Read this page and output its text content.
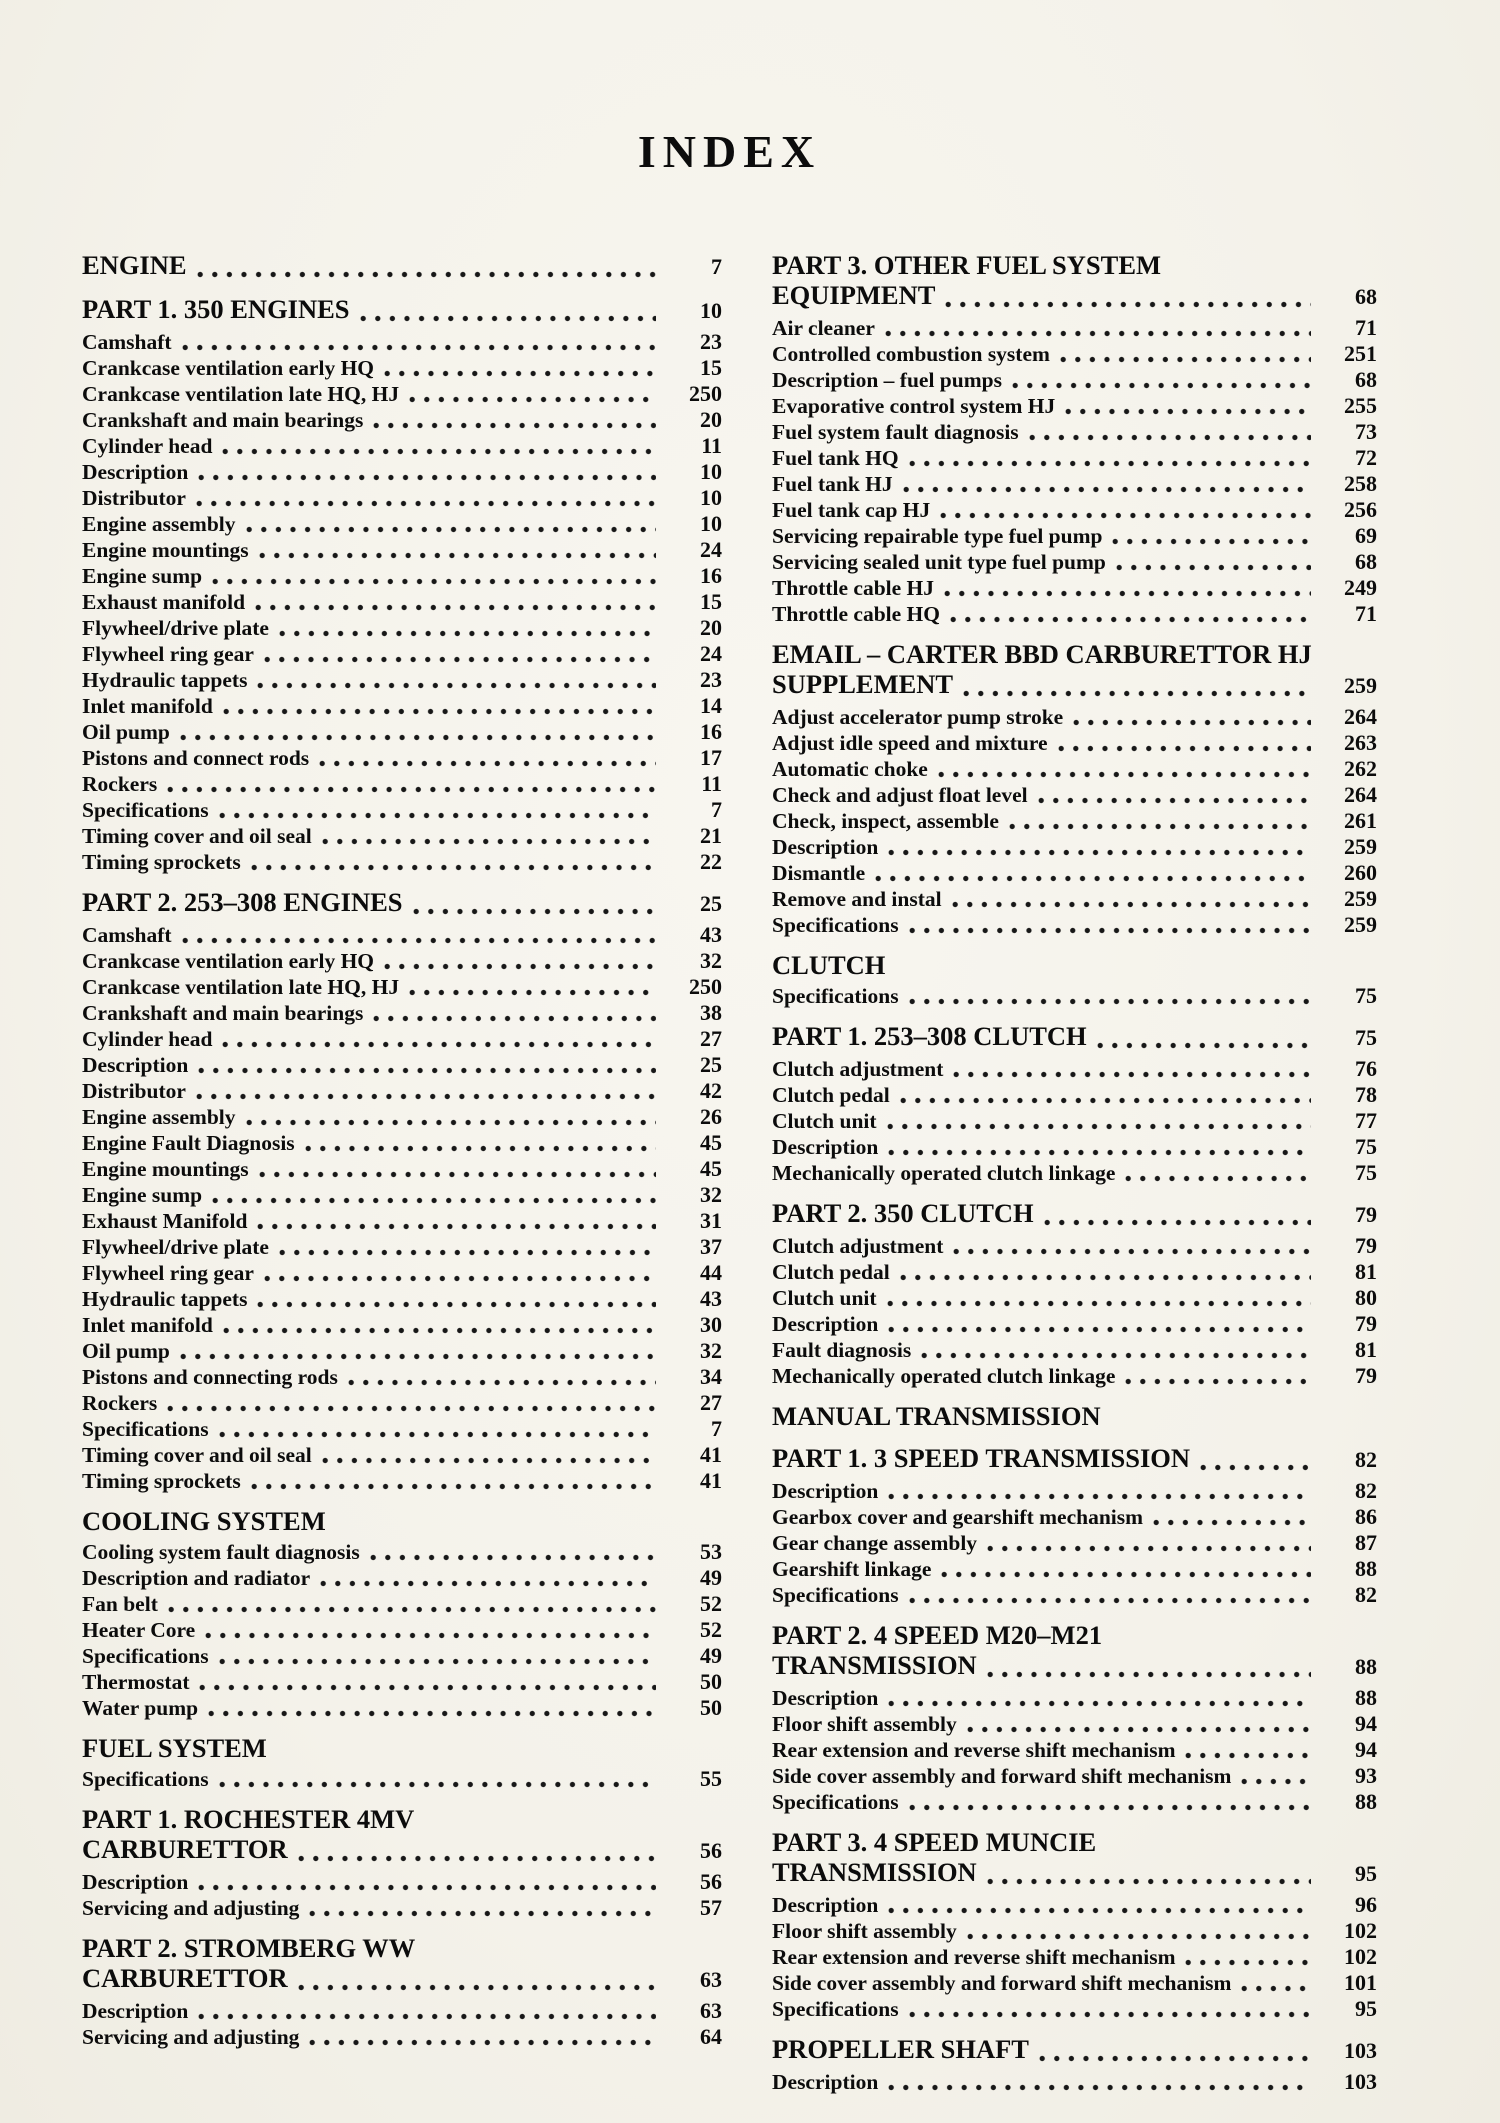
INDEX
ENGINE	7
PART 1. 350 ENGINES	10
Camshaft	23
Crankcase ventilation early HQ	15
Crankcase ventilation late HQ, HJ	250
Crankshaft and main bearings	20
Cylinder head	11
Description	10
Distributor	10
Engine assembly	10
Engine mountings	24
Engine sump	16
Exhaust manifold	15
Flywheel/drive plate	20
Flywheel ring gear	24
Hydraulic tappets	23
Inlet manifold	14
Oil pump	16
Pistons and connect rods	17
Rockers	11
Specifications	7
Timing cover and oil seal	21
Timing sprockets	22
PART 2. 253–308 ENGINES	25
Camshaft	43
Crankcase ventilation early HQ	32
Crankcase ventilation late HQ, HJ	250
Crankshaft and main bearings	38
Cylinder head	27
Description	25
Distributor	42
Engine assembly	26
Engine Fault Diagnosis	45
Engine mountings	45
Engine sump	32
Exhaust Manifold	31
Flywheel/drive plate	37
Flywheel ring gear	44
Hydraulic tappets	43
Inlet manifold	30
Oil pump	32
Pistons and connecting rods	34
Rockers	27
Specifications	7
Timing cover and oil seal	41
Timing sprockets	41
COOLING SYSTEM
Cooling system fault diagnosis	53
Description and radiator	49
Fan belt	52
Heater Core	52
Specifications	49
Thermostat	50
Water pump	50
FUEL SYSTEM
Specifications	55
PART 1. ROCHESTER 4MV
CARBURETTOR	56
Description	56
Servicing and adjusting	57
PART 2. STROMBERG WW
CARBURETTOR	63
Description	63
Servicing and adjusting	64
PART 3. OTHER FUEL SYSTEM
EQUIPMENT	68
Air cleaner	71
Controlled combustion system	251
Description – fuel pumps	68
Evaporative control system HJ	255
Fuel system fault diagnosis	73
Fuel tank HQ	72
Fuel tank HJ	258
Fuel tank cap HJ	256
Servicing repairable type fuel pump	69
Servicing sealed unit type fuel pump	68
Throttle cable HJ	249
Throttle cable HQ	71
EMAIL – CARTER BBD CARBURETTOR HJ
SUPPLEMENT	259
Adjust accelerator pump stroke	264
Adjust idle speed and mixture	263
Automatic choke	262
Check and adjust float level	264
Check, inspect, assemble	261
Description	259
Dismantle	260
Remove and instal	259
Specifications	259
CLUTCH
Specifications	75
PART 1. 253–308 CLUTCH	75
Clutch adjustment	76
Clutch pedal	78
Clutch unit	77
Description	75
Mechanically operated clutch linkage	75
PART 2. 350 CLUTCH	79
Clutch adjustment	79
Clutch pedal	81
Clutch unit	80
Description	79
Fault diagnosis	81
Mechanically operated clutch linkage	79
MANUAL TRANSMISSION
PART 1. 3 SPEED TRANSMISSION	82
Description	82
Gearbox cover and gearshift mechanism	86
Gear change assembly	87
Gearshift linkage	88
Specifications	82
PART 2. 4 SPEED M20–M21
TRANSMISSION	88
Description	88
Floor shift assembly	94
Rear extension and reverse shift mechanism	94
Side cover assembly and forward shift mechanism	93
Specifications	88
PART 3. 4 SPEED MUNCIE
TRANSMISSION	95
Description	96
Floor shift assembly	102
Rear extension and reverse shift mechanism	102
Side cover assembly and forward shift mechanism	101
Specifications	95
PROPELLER SHAFT	103
Description	103
